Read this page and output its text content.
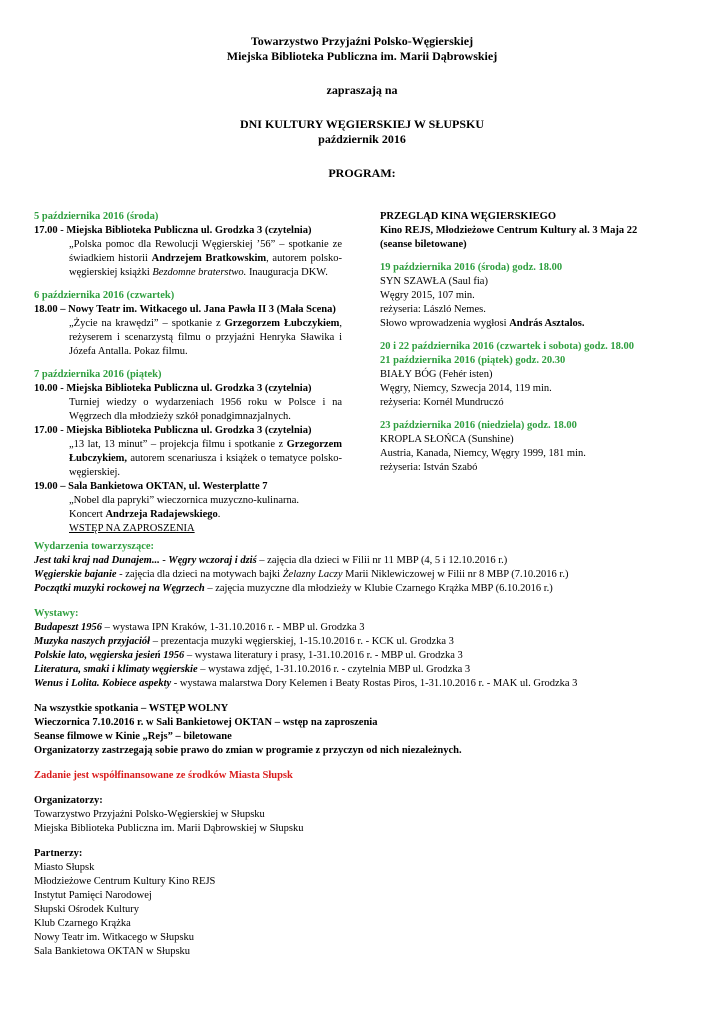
Towarzystwo Przyjaźni Polsko-Węgierskiej
Miejska Biblioteka Publiczna im. Marii Dąbrowskiej
zapraszają na
DNI KULTURY WĘGIERSKIEJ W SŁUPSKU
październik 2016
PROGRAM:
5 października 2016 (środa)
17.00 -
Miejska Biblioteka Publiczna ul. Grodzka 3 (czytelnia)
„Polska pomoc dla Rewolucji Węgierskiej ’56” – spotkanie ze świadkiem historii Andrzejem Bratkowskim, autorem polsko-węgierskiej książki Bezdomne braterstwo. Inauguracja DKW.
6 października 2016 (czwartek)
18.00 –
Nowy Teatr im. Witkacego ul. Jana Pawła II 3 (Mała Scena)
„Życie na krawędzi” – spotkanie z Grzegorzem Łubczykiem, reżyserem i scenarzystą filmu o przyjaźni Henryka Sławika i Józefa Antalla. Pokaz filmu.
7 października 2016 (piątek)
10.00 -
Miejska Biblioteka Publiczna ul. Grodzka 3 (czytelnia)
Turniej wiedzy o wydarzeniach 1956 roku w Polsce i na Węgrzech dla młodzieży szkół ponadgimnazjalnych.
17.00 -
Miejska Biblioteka Publiczna ul. Grodzka 3 (czytelnia)
„13 lat, 13 minut” – projekcja filmu i spotkanie z Grzegorzem Łubczykiem, autorem scenariusza i książek o tematyce polsko-węgierskiej.
19.00 –
Sala Bankietowa OKTAN, ul. Westerplatte 7
„Nobel dla papryki” wieczornica muzyczno-kulinarna.
Koncert Andrzeja Radajewskiego.
WSTĘP NA ZAPROSZENIA
PRZEGLĄD KINA WĘGIERSKIEGO
Kino REJS, Młodzieżowe Centrum Kultury al. 3 Maja 22 (seanse biletowane)
19 października 2016 (środa) godz. 18.00
SYN SZAWŁA (Saul fia)
Węgry 2015, 107 min.
reżyseria: László Nemes.
Słowo wprowadzenia wygłosi András Asztalos.
20 i 22 października 2016 (czwartek i sobota) godz. 18.00
21 października 2016 (piątek) godz. 20.30
BIAŁY BÓG (Fehér isten)
Węgry, Niemcy, Szwecja 2014, 119 min.
reżyseria: Kornél Mundruczó
23 października 2016 (niedziela) godz. 18.00
KROPLA SŁOŃCA (Sunshine)
Austria, Kanada, Niemcy, Węgry 1999, 181 min.
reżyseria: István Szabó
Wydarzenia towarzyszące:
Jest taki kraj nad Dunajem... - Węgry wczoraj i dziś – zajęcia dla dzieci w Filii nr 11 MBP (4, 5 i 12.10.2016 r.)
Węgierskie bajanie - zajęcia dla dzieci na motywach bajki Żelazny Laczy Marii Niklewiczowej w Filii nr 8 MBP (7.10.2016 r.)
Początki muzyki rockowej na Węgrzech – zajęcia muzyczne dla młodzieży w Klubie Czarnego Krążka MBP (6.10.2016 r.)
Wystawy:
Budapeszt 1956 – wystawa IPN Kraków, 1-31.10.2016 r. - MBP ul. Grodzka 3
Muzyka naszych przyjaciół – prezentacja muzyki węgierskiej, 1-15.10.2016 r. - KCK ul. Grodzka 3
Polskie lato, węgierska jesień 1956 – wystawa literatury i prasy, 1-31.10.2016 r. - MBP ul. Grodzka 3
Literatura, smaki i klimaty węgierskie – wystawa zdjęć, 1-31.10.2016 r. - czytelnia MBP ul. Grodzka 3
Wenus i Lolita. Kobiece aspekty - wystawa malarstwa Dory Kelemen i Beaty Rostas Piros, 1-31.10.2016 r. - MAK ul. Grodzka 3
Na wszystkie spotkania – WSTĘP WOLNY
Wieczornica 7.10.2016 r. w Sali Bankietowej OKTAN – wstęp na zaproszenia
Seanse filmowe w Kinie „Rejs” – biletowane
Organizatorzy zastrzegają sobie prawo do zmian w programie z przyczyn od nich niezależnych.
Zadanie jest współfinansowane ze środków Miasta Słupsk
Organizatorzy:
Towarzystwo Przyjaźni Polsko-Węgierskiej w Słupsku
Miejska Biblioteka Publiczna im. Marii Dąbrowskiej w Słupsku
Partnerzy:
Miasto Słupsk
Młodzieżowe Centrum Kultury Kino REJS
Instytut Pamięci Narodowej
Słupski Ośrodek Kultury
Klub Czarnego Krążka
Nowy Teatr im. Witkacego w Słupsku
Sala Bankietowa OKTAN w Słupsku
